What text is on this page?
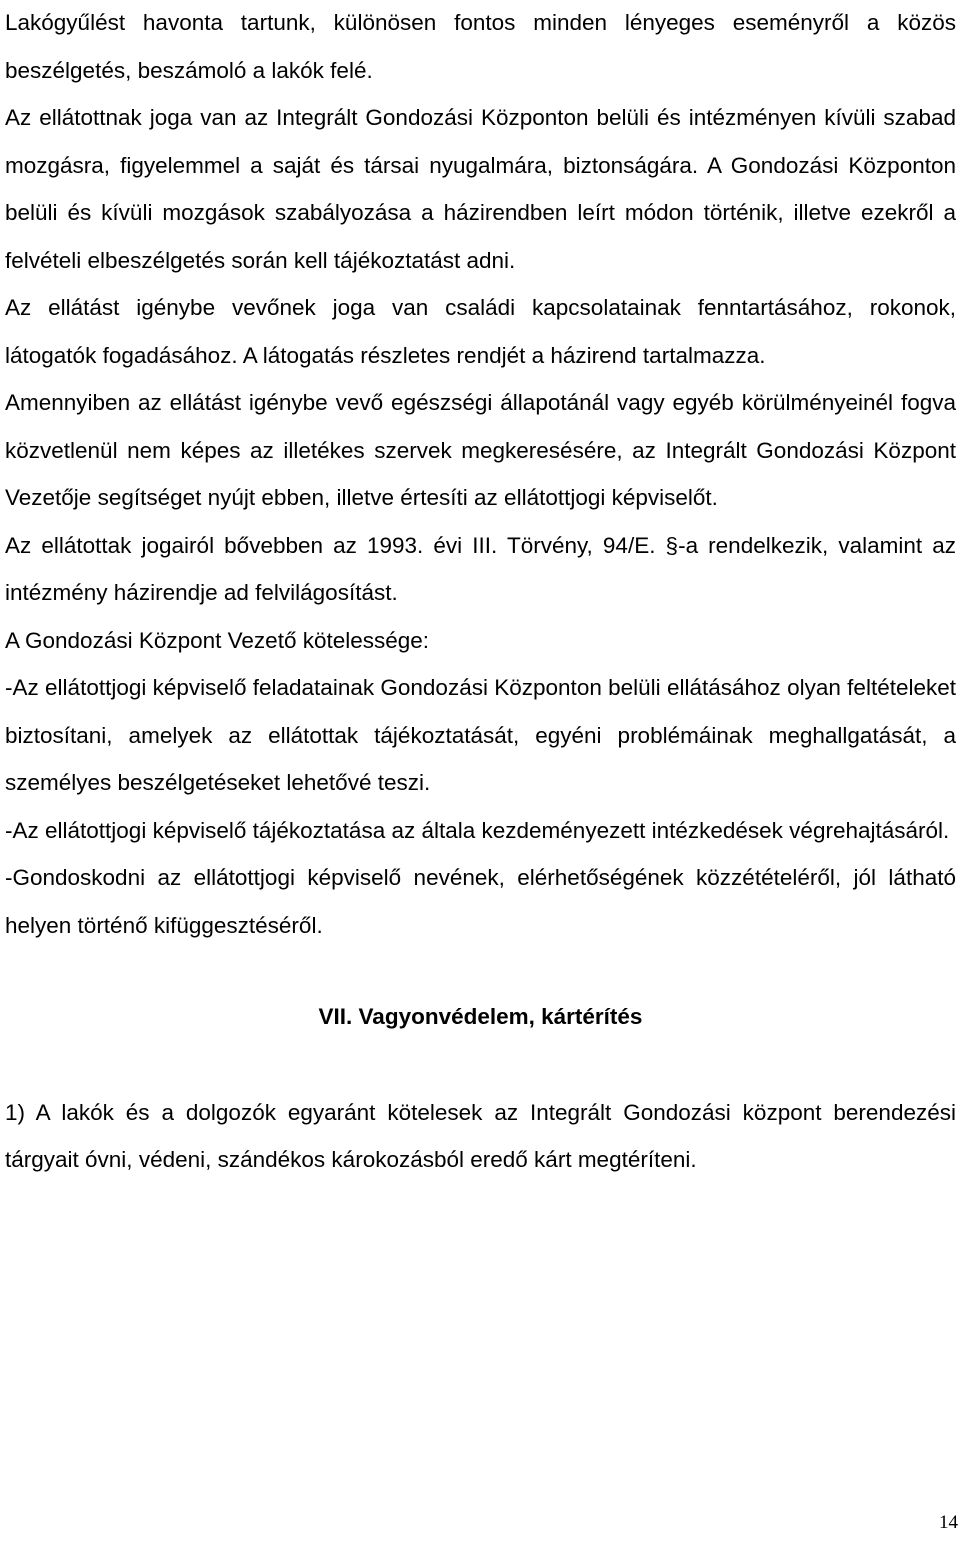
Lakógyűlést havonta tartunk, különösen fontos minden lényeges eseményről a közös beszélgetés, beszámoló a lakók felé.

Az ellátottnak joga van az Integrált Gondozási Központon belüli és intézményen kívüli szabad mozgásra, figyelemmel a saját és társai nyugalmára, biztonságára. A Gondozási Központon belüli és kívüli mozgások szabályozása a házirendben leírt módon történik, illetve ezekről a felvételi elbeszélgetés során kell tájékoztatást adni.

Az ellátást igénybe vevőnek joga van családi kapcsolatainak fenntartásához, rokonok, látogatók fogadásához. A látogatás részletes rendjét a házirend tartalmazza.

Amennyiben az ellátást igénybe vevő egészségi állapotánál vagy egyéb körülményeinél fogva közvetlenül nem képes az illetékes szervek megkeresésére, az Integrált Gondozási Központ Vezetője segítséget nyújt ebben, illetve értesíti az ellátottjogi képviselőt.

Az ellátottak jogairól bővebben az 1993. évi III. Törvény, 94/E. §-a rendelkezik, valamint az intézmény házirendje ad felvilágosítást.

A Gondozási Központ Vezető kötelessége:

-Az ellátottjogi képviselő feladatainak Gondozási Központon belüli ellátásához olyan feltételeket biztosítani, amelyek az ellátottak tájékoztatását, egyéni problémáinak meghallgatását, a személyes beszélgetéseket lehetővé teszi.

-Az ellátottjogi képviselő tájékoztatása az általa kezdeményezett intézkedések végrehajtásáról.

-Gondoskodni az ellátottjogi képviselő nevének, elérhetőségének közzétételéről, jól látható helyen történő kifüggesztéséről.

VII. Vagyonvédelem, kártérítés

1) A lakók és a dolgozók egyaránt kötelesek az Integrált Gondozási központ berendezési tárgyait óvni, védeni, szándékos károkozásból eredő kárt megtéríteni.

14
